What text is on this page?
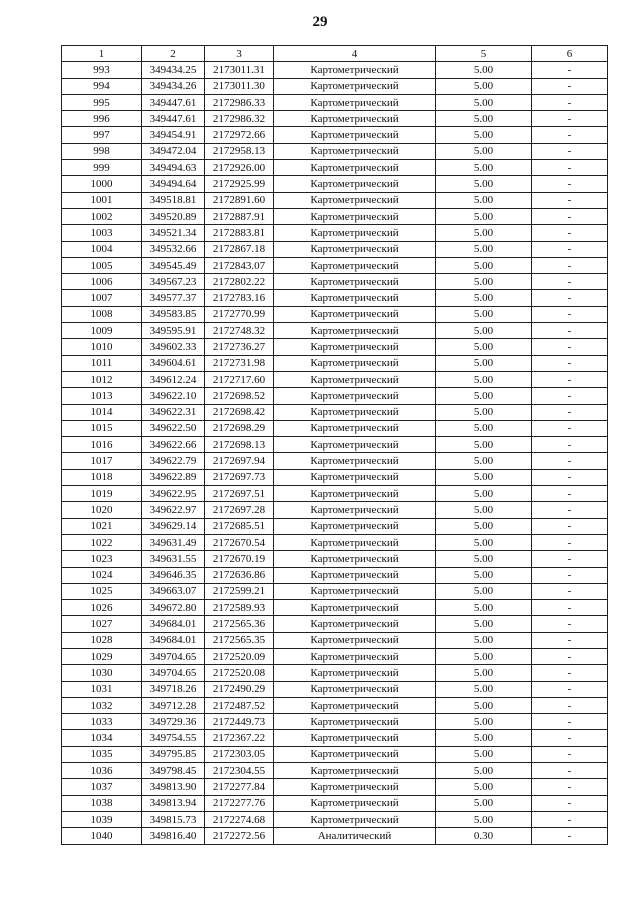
29
1	2	3	4	5	6
993	349434.25	2173011.31	Картометрический	5.00	-
994	349434.26	2173011.30	Картометрический	5.00	-
995	349447.61	2172986.33	Картометрический	5.00	-
996	349447.61	2172986.32	Картометрический	5.00	-
997	349454.91	2172972.66	Картометрический	5.00	-
998	349472.04	2172958.13	Картометрический	5.00	-
999	349494.63	2172926.00	Картометрический	5.00	-
1000	349494.64	2172925.99	Картометрический	5.00	-
1001	349518.81	2172891.60	Картометрический	5.00	-
1002	349520.89	2172887.91	Картометрический	5.00	-
1003	349521.34	2172883.81	Картометрический	5.00	-
1004	349532.66	2172867.18	Картометрический	5.00	-
1005	349545.49	2172843.07	Картометрический	5.00	-
1006	349567.23	2172802.22	Картометрический	5.00	-
1007	349577.37	2172783.16	Картометрический	5.00	-
1008	349583.85	2172770.99	Картометрический	5.00	-
1009	349595.91	2172748.32	Картометрический	5.00	-
1010	349602.33	2172736.27	Картометрический	5.00	-
1011	349604.61	2172731.98	Картометрический	5.00	-
1012	349612.24	2172717.60	Картометрический	5.00	-
1013	349622.10	2172698.52	Картометрический	5.00	-
1014	349622.31	2172698.42	Картометрический	5.00	-
1015	349622.50	2172698.29	Картометрический	5.00	-
1016	349622.66	2172698.13	Картометрический	5.00	-
1017	349622.79	2172697.94	Картометрический	5.00	-
1018	349622.89	2172697.73	Картометрический	5.00	-
1019	349622.95	2172697.51	Картометрический	5.00	-
1020	349622.97	2172697.28	Картометрический	5.00	-
1021	349629.14	2172685.51	Картометрический	5.00	-
1022	349631.49	2172670.54	Картометрический	5.00	-
1023	349631.55	2172670.19	Картометрический	5.00	-
1024	349646.35	2172636.86	Картометрический	5.00	-
1025	349663.07	2172599.21	Картометрический	5.00	-
1026	349672.80	2172589.93	Картометрический	5.00	-
1027	349684.01	2172565.36	Картометрический	5.00	-
1028	349684.01	2172565.35	Картометрический	5.00	-
1029	349704.65	2172520.09	Картометрический	5.00	-
1030	349704.65	2172520.08	Картометрический	5.00	-
1031	349718.26	2172490.29	Картометрический	5.00	-
1032	349712.28	2172487.52	Картометрический	5.00	-
1033	349729.36	2172449.73	Картометрический	5.00	-
1034	349754.55	2172367.22	Картометрический	5.00	-
1035	349795.85	2172303.05	Картометрический	5.00	-
1036	349798.45	2172304.55	Картометрический	5.00	-
1037	349813.90	2172277.84	Картометрический	5.00	-
1038	349813.94	2172277.76	Картометрический	5.00	-
1039	349815.73	2172274.68	Картометрический	5.00	-
1040	349816.40	2172272.56	Аналитический	0.30	-
